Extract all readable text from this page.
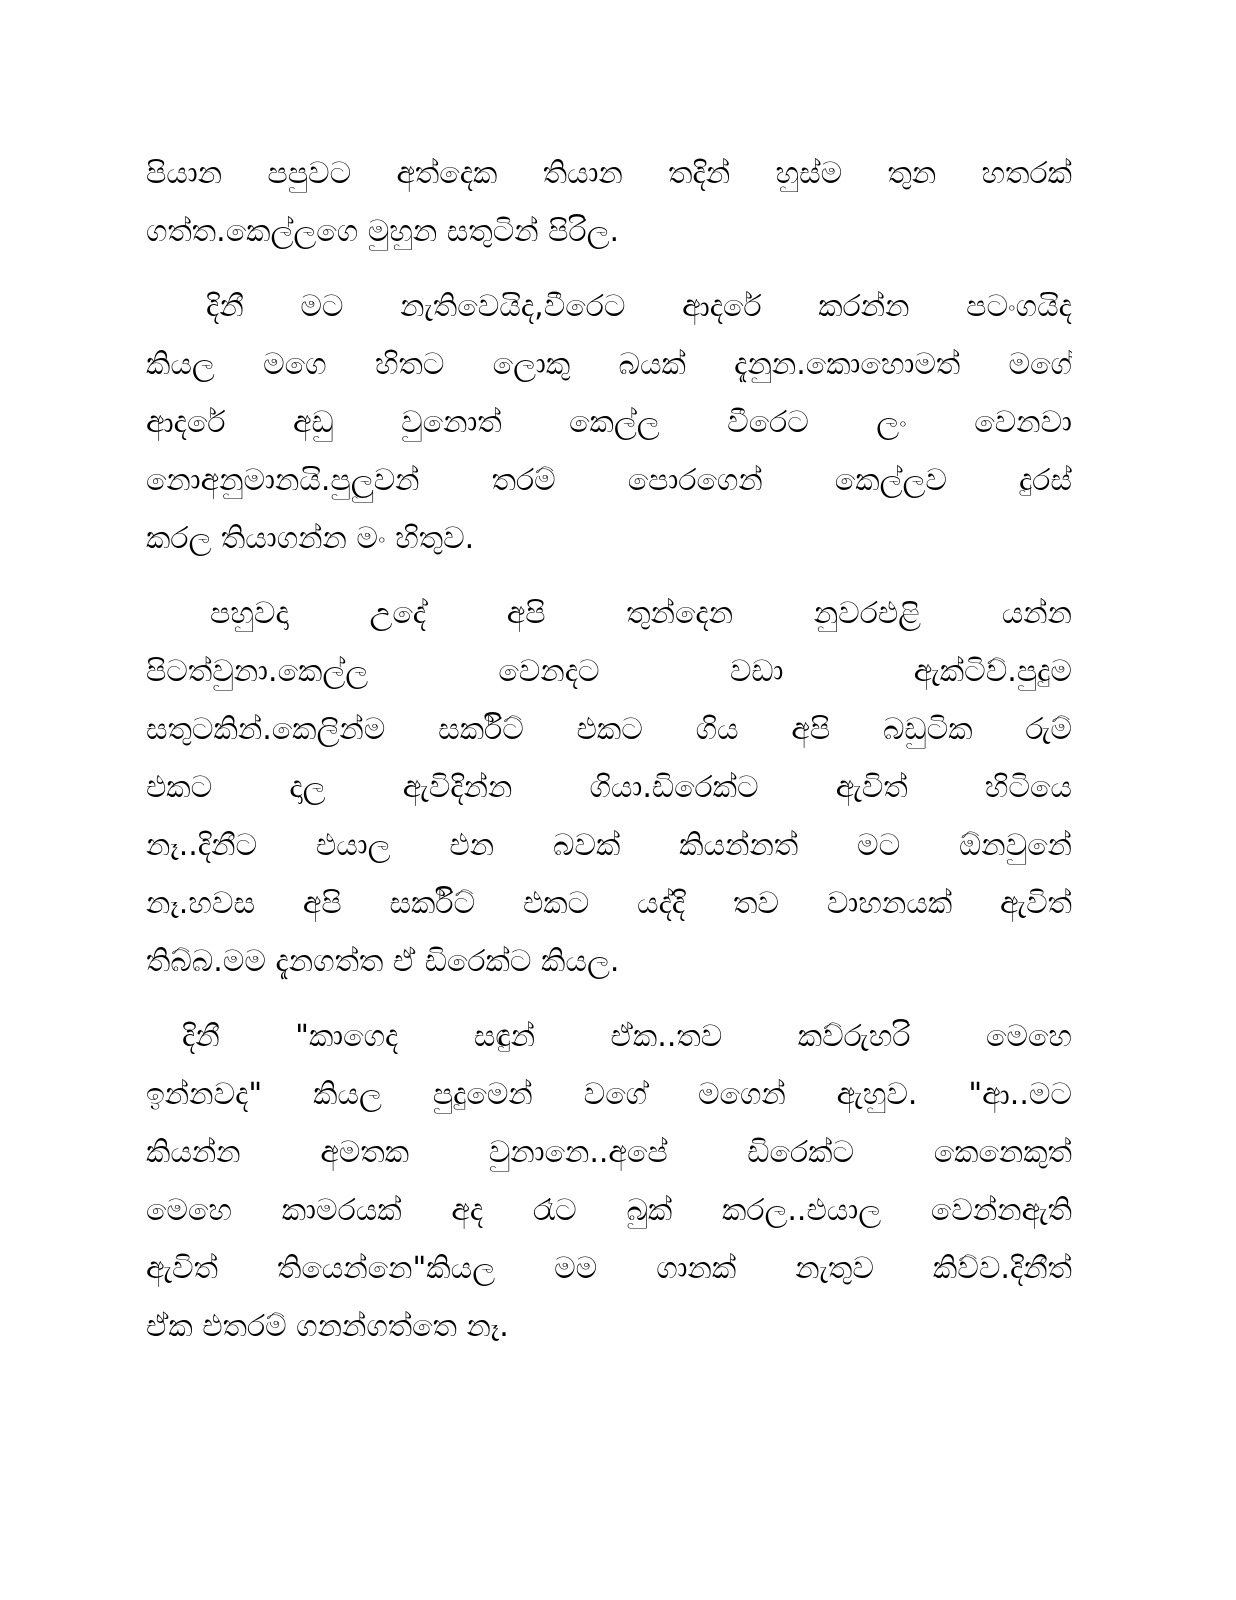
පියාන පපුවට අත්දෙක තියාන තදින් හුස්ම තුන හතරක්
ගත්ත.කෙල්ලගෙ මුහුන සතුටින් පිරිල.
දිනී මට නැතිවෙයිද,වීරෙට ආදරේ කරන්න පටංගයිද
කියල මගෙ හිතට ලොකු බයක් දැනුන.කොහොමත් මගේ
ආදරේ අඩු වුනොත් කෙල්ල වීරෙට ලං වෙනවා
නොඅනුමානයි.පුලුවන් තරම් පොරගෙන් කෙල්ලව දුරස්
කරල තියාගන්න මං හිතුව.
පහුවදා උදේ අපි තුන්දෙන නුවරඑළි යන්න
පිටත්වුනා.කෙල්ල වෙනදට වඩා ඇක්ටිව්.පුදුම
සතුටකින්.කෙලින්ම සර්කිට් එකට ගිය අපි බඩුටික රුම්
එකට දාල ඇවිදින්න ගියා.ඩිරෙක්ට ඇවිත් හිටියෙ
නෑ..දිනීට එයාල එන බවක් කියන්නත් මට ඕනවුනේ
නෑ.හවස අපි සර්කිට් එකට යද්දි තව වාහනයක් ඇවිත්
තිබ්බ.මම දැනගත්ත ඒ ඩිරෙක්ට කියල.
දිනී "කාගෙද සඳුන් ඒක..තව කව්රුහරි මෙහෙ
ඉන්නවද" කියල පුදුමෙන් වගේ මගෙන් ඇහුව. "ආ..මට
කියන්න අමතක වුනානෙ..අපේ ඩිරෙක්ට කෙනෙකුත්
මෙහෙ කාමරයක් අද රෑට බුක් කරල..එයාල වෙන්නඇති
ඇවිත් තියෙන්නෙ"කියල මම ගානක් නැතුව කිව්ව.දිනීත්
ඒක එතරම් ගනන්ගත්තෙ නෑ.
